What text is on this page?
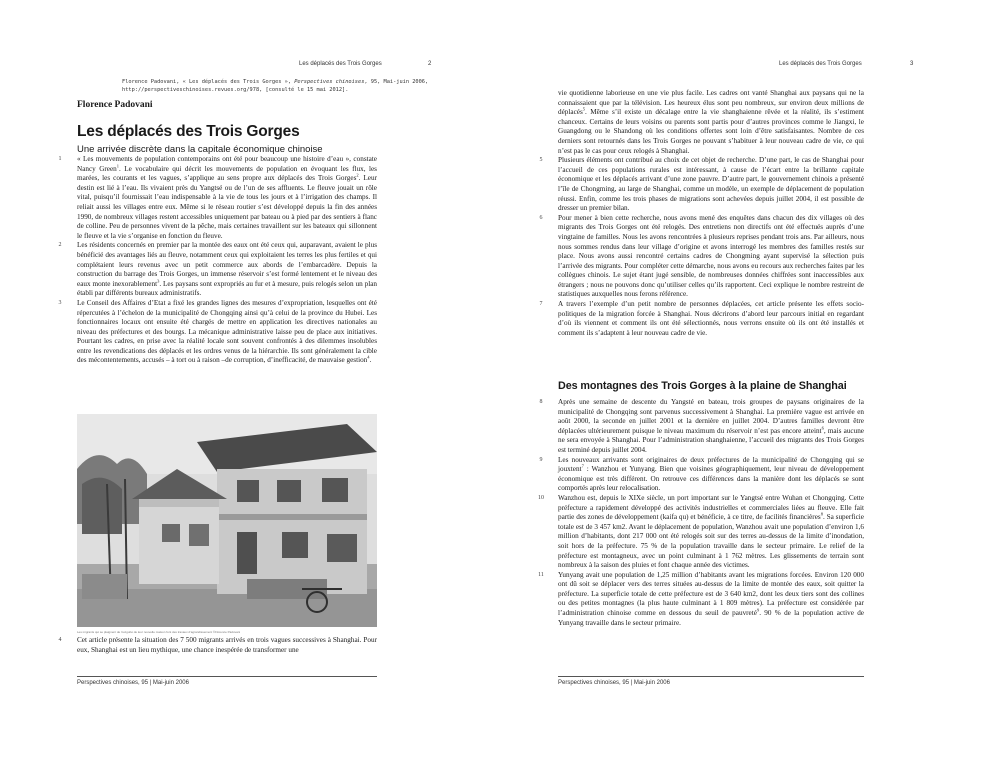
Les déplacés des Trois Gorges	2
Florence Padovani, « Les déplacés des Trois Gorges », Perspectives chinoises, 95, Mai-juin 2006, http://perspectiveschinoises.revues.org/978, [consulté le 15 mai 2012].
Florence Padovani
Les déplacés des Trois Gorges
Une arrivée discrète dans la capitale économique chinoise

1	« Les mouvements de population contemporains ont été pour beaucoup une histoire d’eau », constate Nancy Green$^1$. Le vocabulaire qui décrit les mouvements de population en évoquant les flux, les marées, les courants et les vagues, s’applique au sens propre aux déplacés des Trois Gorges$^2$. Leur destin est lié à l’eau. Ils vivaient près du Yangtsé ou de l’un de ses affluents. Le fleuve jouait un rôle vital, puisqu’il fournissait l’eau indispensable à la vie de tous les jours et à l’irrigation des champs. Il reliait aussi les villages entre eux. Même si le réseau routier s’est développé depuis la fin des années 1990, de nombreux villages restent accessibles uniquement par bateau ou à pied par des sentiers à flanc de colline. Peu de personnes vivent de la pêche, mais certaines travaillent sur les bateaux qui sillonnent le fleuve et la vie s’organise en fonction du fleuve.

2	Les résidents concernés en premier par la montée des eaux ont été ceux qui, auparavant, avaient le plus bénéficié des avantages liés au fleuve, notamment ceux qui exploitaient les terres les plus fertiles et qui complétaient leurs revenus avec un petit commerce aux abords de l’embarcadère. Depuis la construction du barrage des Trois Gorges, un immense réservoir s’est formé lentement et le niveau des eaux monte inexorablement$^3$. Les paysans sont expropriés au fur et à mesure, puis relogés selon un plan établi par différents bureaux administratifs.

3	Le Conseil des Affaires d’Etat a fixé les grandes lignes des mesures d’expropriation, lesquelles ont été répercutées à l’échelon de la municipalité de Chongqing ainsi qu’à celui de la province du Hubei. Les fonctionnaires locaux ont ensuite été chargés de mettre en application les directives nationales au niveau des préfectures et des bourgs. La mécanique administrative laisse peu de place aux initiatives. Pourtant les cadres, en prise avec la réalité locale sont souvent confrontés à des dilemmes insolubles entre les revendications des déplacés et les ordres venus de la hiérarchie. Ils sont généralement la cible des mécontentements, accusés – à tort ou à raison –de corruption, d’inefficacité, de mauvaise gestion$^4$.

Les migrants qui se plaignent de l’exiguïté de leur nouvelle maison font des travaux d’agrandissement ©Florence Padovani

4	Cet article présente la situation des 7 500 migrants arrivés en trois vagues successives à Shanghai. Pour eux, Shanghai est un lieu mythique, une chance inespérée de transformer une

Perspectives chinoises, 95 | Mai-juin 2006
Les déplacés des Trois Gorges	3
Perspectives chinoises, 95 | Mai-juin 2006

vie quotidienne laborieuse en une vie plus facile. Les cadres ont vanté Shanghai aux paysans qui ne la connaissaient que par la télévision. Les heureux élus sont peu nombreux, sur environ deux millions de déplacés$^5$. Même s’il existe un décalage entre la vie shanghaienne rêvée et la réalité, ils s’estiment chanceux. Certains de leurs voisins ou parents sont partis pour d’autres provinces comme le Jiangxi, le Guangdong ou le Shandong où les conditions offertes sont loin d’être satisfaisantes. Nombre de ces derniers sont retournés dans les Trois Gorges ne pouvant s’habituer à leur nouveau cadre de vie, ce qui n’est pas le cas pour ceux relogés à Shanghai.

5	Plusieurs éléments ont contribué au choix de cet objet de recherche. D’une part, le cas de Shanghai pour l’accueil de ces populations rurales est intéressant, à cause de l’écart entre la brillante capitale économique et les déplacés arrivant d’une zone pauvre. D’autre part, le gouvernement chinois a présenté l’île de Chongming, au large de Shanghai, comme un modèle, un exemple de déplacement de population réussi. Enfin, comme les trois phases de migrations sont achevées depuis juillet 2004, il est possible de dresser un premier bilan.

6	Pour mener à bien cette recherche, nous avons mené des enquêtes dans chacun des dix villages où des migrants des Trois Gorges ont été relogés. Des entretiens non directifs ont été effectués auprès d’une vingtaine de familles. Nous les avons rencontrées à plusieurs reprises pendant trois ans. Par ailleurs, nous nous sommes rendus dans leur village d’origine et avons interrogé les membres des familles restés sur place. Nous avons aussi rencontré certains cadres de Chongming ayant supervisé la sélection puis l’arrivée des migrants. Pour compléter cette démarche, nous avons eu recours aux recherches faites par les collègues chinois. Le sujet étant jugé sensible, de nombreuses données chiffrées sont inaccessibles aux étrangers ; nous ne pouvons donc qu’utiliser celles qu’ils rapportent. Ceci explique le nombre restreint de statistiques auxquelles nous ferons référence.

7	A travers l’exemple d’un petit nombre de personnes déplacées, cet article présente les effets socio-politiques de la migration forcée à Shanghai. Nous décrirons d’abord leur parcours initial en regardant d’où ils viennent et comment ils ont été sélectionnés, nous verrons ensuite où ils ont été installés et comment ils s’adaptent à leur nouveau cadre de vie.

Des montagnes des Trois Gorges à la plaine de Shanghai

8	Après une semaine de descente du Yangsté en bateau, trois groupes de paysans originaires de la municipalité de Chongqing sont parvenus successivement à Shanghai. La première vague est arrivée en août 2000, la seconde en juillet 2001 et la dernière en juillet 2004. D’autres familles devront être déplacées ultérieurement puisque le niveau maximum du réservoir n’est pas encore atteint$^6$, mais aucune ne sera envoyée à Shanghai. Pour l’administration shanghaienne, l’accueil des migrants des Trois Gorges est terminé depuis juillet 2004.

9	Les nouveaux arrivants sont originaires de deux préfectures de la municipalité de Chongqing qui se jouxtent$^7$ : Wanzhou et Yunyang. Bien que voisines géographiquement, leur niveau de développement économique est très différent. On retrouve ces différences dans la manière dont les déplacés se sont comportés après leur relocalisation.

10	Wanzhou est, depuis le XIXe siècle, un port important sur le Yangtsé entre Wuhan et Chongqing. Cette préfecture a rapidement développé des activités industrielles et commerciales liées au fleuve. Elle fait partie des zones de développement (kaifa qu) et bénéficie, à ce titre, de facilités financières$^8$. Sa superficie totale est de 3 457 km2. Avant le déplacement de population, Wanzhou avait une population d’environ 1,6 million d’habitants, dont 217 000 ont été relogés soit sur des terres au-dessus de la limite d’inondation, soit hors de la préfecture. 75 % de la population travaille dans le secteur primaire. Le relief de la préfecture est montagneux, avec un point culminant à 1 762 mètres. Les glissements de terrain sont nombreux à la saison des pluies et font chaque année des victimes.

11	Yunyang avait une population de 1,25 million d’habitants avant les migrations forcées. Environ 120 000 ont dû soit se déplacer vers des terres situées au-dessus de la limite de montée des eaux, soit quitter la préfecture. La superficie totale de cette préfecture est de 3 640 km2, dont les deux tiers sont des collines ou des petites montagnes (la plus haute culminant à 1 809 mètres). La préfecture est considérée par l’administration chinoise comme en dessous du seuil de pauvreté$^9$. 90 % de la population active de Yunyang travaille dans le secteur primaire.
